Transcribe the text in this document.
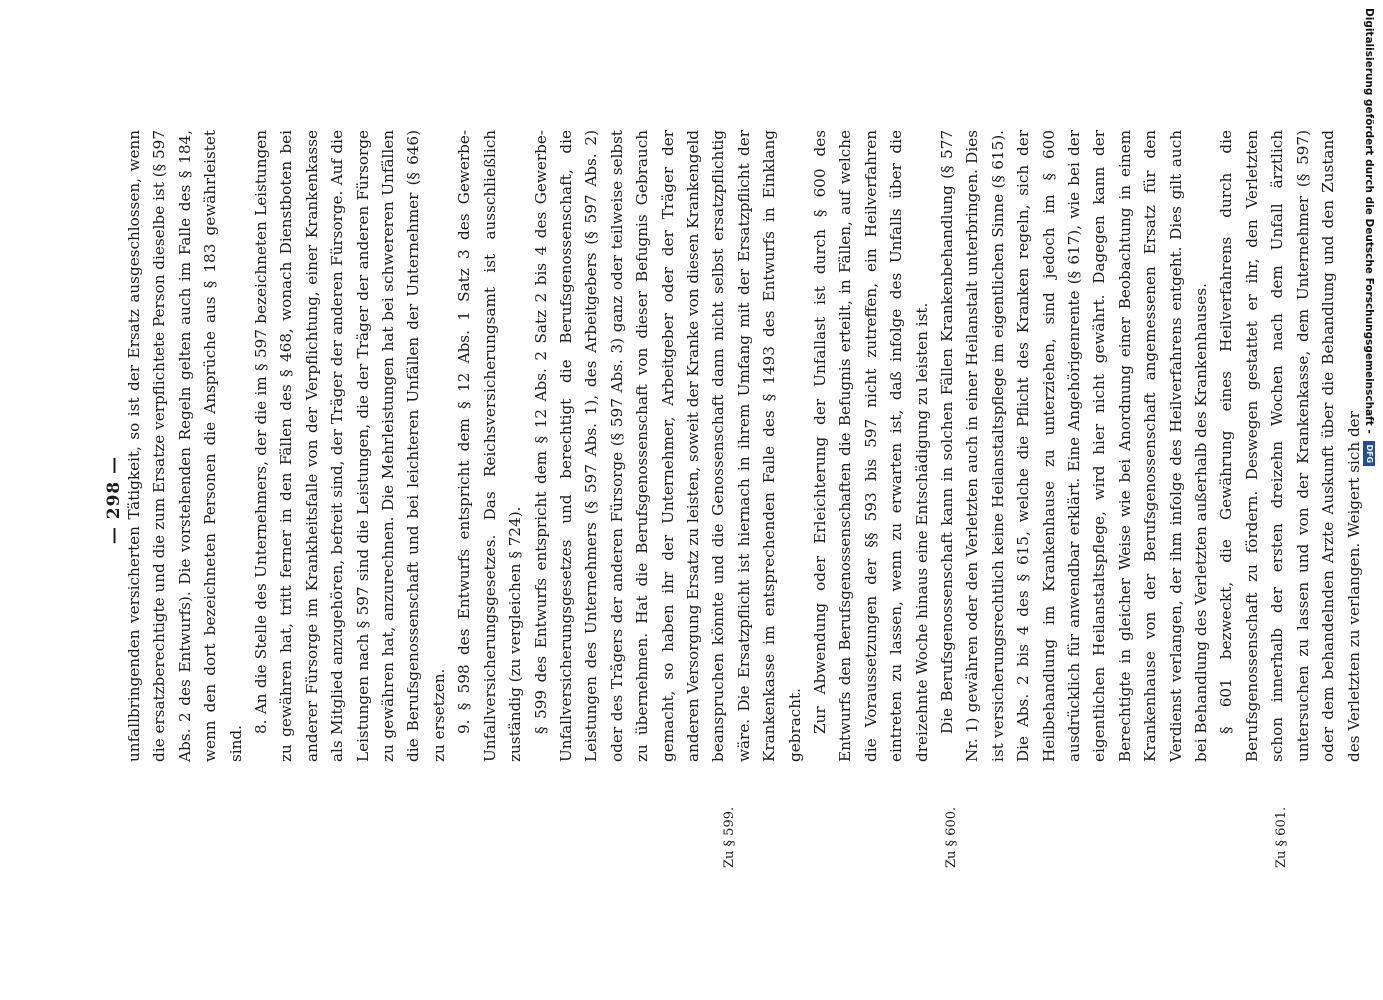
— 298 —
Zu § 599.	Zu § 600.	Zu § 601.

unfallbringenden versicherten Tätigkeit, so ist der Ersatz ausgeschlossen, wenn die ersatzberechtigte und die zum Ersatze verpflichtete Person dieselbe ist (§ 597 Abs. 2 des Entwurfs). Die vorstehenden Regeln gelten auch im Falle des § 184, wenn den dort bezeichneten Personen die Ansprüche aus § 183 gewährleistet sind.

8. An die Stelle des Unternehmers, der die im § 597 bezeichneten Leistungen zu gewähren hat, tritt ferner in den Fällen des § 468, wonach Dienstboten bei anderer Fürsorge im Krankheitsfalle von der Verpflichtung, einer Krankenkasse als Mitglied anzugehören, befreit sind, der Träger der anderen Fürsorge. Auf die Leistungen nach § 597 sind die Leistungen, die der Träger der anderen Fürsorge zu gewähren hat, anzurechnen. Die Mehrleistungen hat bei schwereren Unfällen die Berufsgenossenschaft und bei leichteren Unfällen der Unternehmer (§ 646) zu ersetzen. 9. § 598 des Entwurfs entspricht dem § 12 Abs. 1 Satz 3 des Gewerbe-Unfallversicherungsgesetzes. Das Reichsversicherungsamt ist ausschließlich zuständig (zu vergleichen § 724). § 599 des Entwurfs entspricht dem § 12 Abs. 2 Satz 2 bis 4 des Gewerbe-Unfallversicherungsgesetzes und berechtigt die Berufsgenossenschaft, die Leistungen des Unternehmers (§ 597 Abs. 1), des Arbeitgebers (§ 597 Abs. 2) oder des Trägers der anderen Fürsorge (§ 597 Abs. 3) ganz oder teilweise selbst zu übernehmen. Hat die Berufsgenossenschaft von dieser Befugnis Gebrauch gemacht, so haben ihr der Unternehmer, Arbeitgeber oder der Träger der anderen Versorgung Ersatz zu leisten, soweit der Kranke von diesen Krankengeld beanspruchen könnte und die Genossenschaft dann nicht selbst ersatzpflichtig wäre. Die Ersatzpflicht ist hiernach in ihrem Umfang mit der Ersatzpflicht der Krankenkasse im entsprechenden Falle des § 1493 des Entwurfs in Einklang gebracht. Zur Abwendung oder Erleichterung der Unfallast ist durch § 600 des Entwurfs den Berufsgenossenschaften die Befugnis erteilt, in Fällen, auf welche die Voraussetzungen der §§ 593 bis 597 nicht zutreffen, ein Heilverfahren eintreten zu lassen, wenn zu erwarten ist, daß infolge des Unfalls über die dreizehnte Woche hinaus eine Entschädigung zu leisten ist. Die Berufsgenossenschaft kann in solchen Fällen Krankenbehandlung (§ 577 Nr. 1) gewähren oder den Verletzten auch in einer Heilanstalt unterbringen. Dies ist versicherungsrechtlich keine Heilanstaltspflege im eigentlichen Sinne (§ 615). Die Abs. 2 bis 4 des § 615, welche die Pflicht des Kranken regeln, sich der Heilbehandlung im Krankenhause zu unterziehen, sind jedoch im § 600 ausdrücklich für anwendbar erklärt. Eine Angehörigenrente (§ 617), wie bei der eigentlichen Heilanstaltspflege, wird hier nicht gewährt. Dagegen kann der Berechtigte in gleicher Weise wie bei Anordnung einer Beobachtung in einem Krankenhause von der Berufsgenossenschaft angemessenen Ersatz für den Verdienst verlangen, der ihm infolge des Heilverfahrens entgeht. Dies gilt auch bei Behandlung des Verletzten außerhalb des Krankenhauses. § 601 bezweckt, die Gewährung eines Heilverfahrens durch die Berufsgenossenschaft zu fördern. Deswegen gestattet er ihr, den Verletzten schon innerhalb der ersten dreizehn Wochen nach dem Unfall ärztlich untersuchen zu lassen und von der Krankenkasse, dem Unternehmer (§ 597) oder dem behandelnden Arzte Auskunft über die Behandlung und den Zustand des Verletzten zu verlangen. Weigert sich der

Digitalisierung gefördert durch die Deutsche Forschungsgemeinschaft - DFG
